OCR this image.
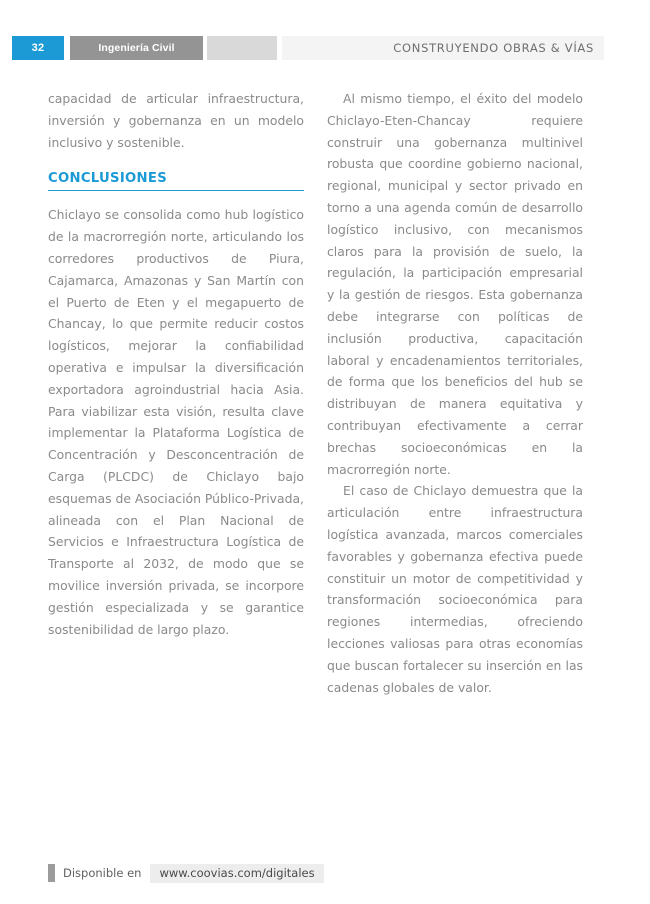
32	Ingeniería Civil	CONSTRUYENDO OBRAS & VÍAS

capacidad de articular infraestructura, inversión y gobernanza en un modelo inclusivo y sostenible.

CONCLUSIONES

Chiclayo se consolida como hub logístico de la macrorregión norte, articulando los corredores productivos de Piura, Cajamarca, Amazonas y San Martín con el Puerto de Eten y el megapuerto de Chancay, lo que permite reducir costos logísticos, mejorar la confiabilidad operativa e impulsar la diversificación exportadora agroindustrial hacia Asia. Para viabilizar esta visión, resulta clave implementar la Plataforma Logística de Concentración y Desconcentración de Carga (PLCDC) de Chiclayo bajo esquemas de Asociación Público-Privada, alineada con el Plan Nacional de Servicios e Infraestructura Logística de Transporte al 2032, de modo que se movilice inversión privada, se incorpore gestión especializada y se garantice sostenibilidad de largo plazo.

Al mismo tiempo, el éxito del modelo Chiclayo-Eten-Chancay requiere construir una gobernanza multinivel robusta que coordine gobierno nacional, regional, municipal y sector privado en torno a una agenda común de desarrollo logístico inclusivo, con mecanismos claros para la provisión de suelo, la regulación, la participación empresarial y la gestión de riesgos. Esta gobernanza debe integrarse con políticas de inclusión productiva, capacitación laboral y encadenamientos territoriales, de forma que los beneficios del hub se distribuyan de manera equitativa y contribuyan efectivamente a cerrar brechas socioeconómicas en la macrorregión norte.

El caso de Chiclayo demuestra que la articulación entre infraestructura logística avanzada, marcos comerciales favorables y gobernanza efectiva puede constituir un motor de competitividad y transformación socioeconómica para regiones intermedias, ofreciendo lecciones valiosas para otras economías que buscan fortalecer su inserción en las cadenas globales de valor.

Disponible en	www.coovias.com/digitales
